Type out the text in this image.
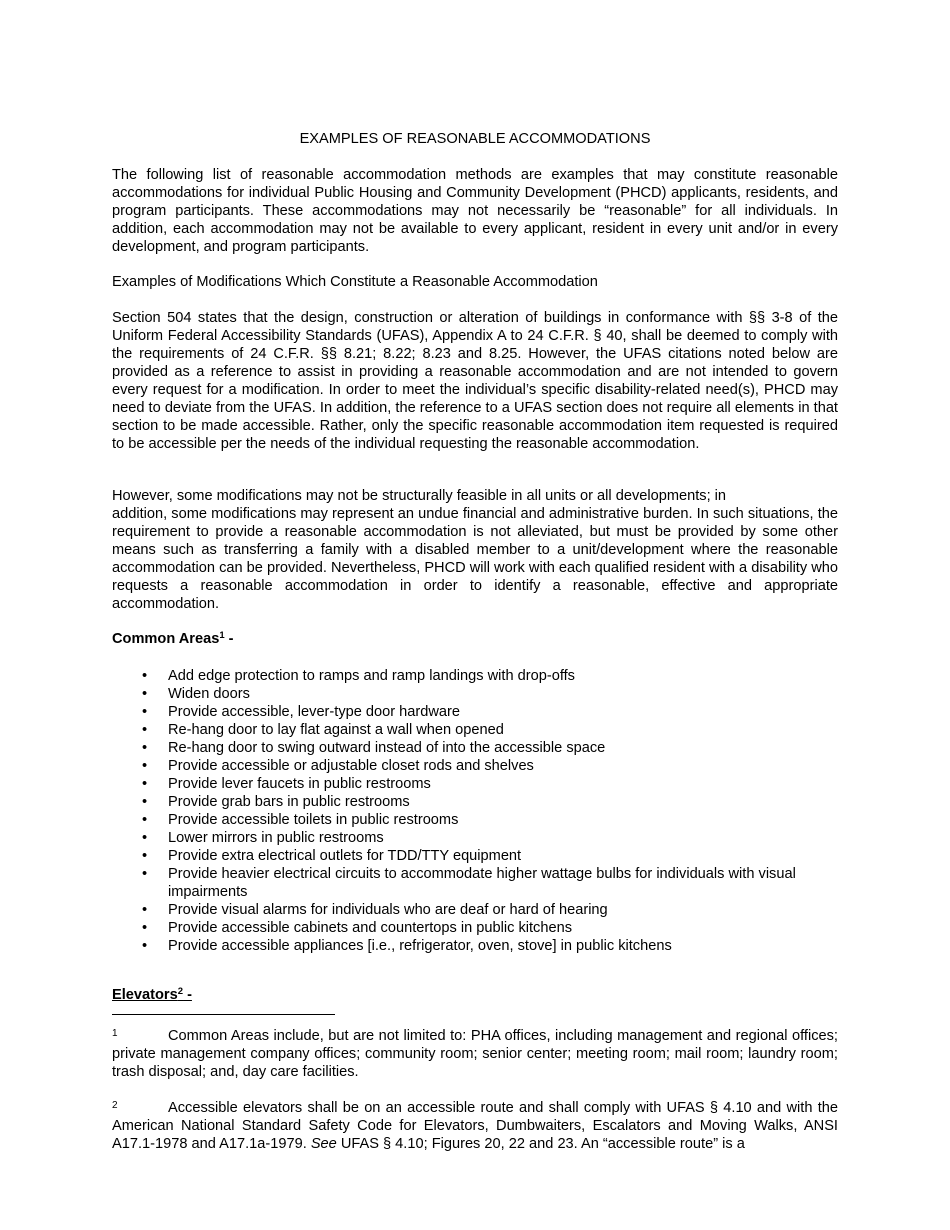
EXAMPLES OF REASONABLE ACCOMMODATIONS

The following list of reasonable accommodation methods are examples that may constitute reasonable accommodations for individual Public Housing and Community Development (PHCD) applicants, residents, and program participants. These accommodations may not necessarily be “reasonable” for all individuals. In addition, each accommodation may not be available to every applicant, resident in every unit and/or in every development, and program participants.

Examples of Modifications Which Constitute a Reasonable Accommodation

Section 504 states that the design, construction or alteration of buildings in conformance with §§ 3-8 of the Uniform Federal Accessibility Standards (UFAS), Appendix A to 24 C.F.R. § 40, shall be deemed to comply with the requirements of 24 C.F.R. §§ 8.21; 8.22; 8.23 and 8.25. However, the UFAS citations noted below are provided as a reference to assist in providing a reasonable accommodation and are not intended to govern every request for a modification. In order to meet the individual’s specific disability-related need(s), PHCD may need to deviate from the UFAS. In addition, the reference to a UFAS section does not require all elements in that section to be made accessible. Rather, only the specific reasonable accommodation item requested is required to be accessible per the needs of the individual requesting the reasonable accommodation.

However, some modifications may not be structurally feasible in all units or all developments; in

addition, some modifications may represent an undue financial and administrative burden. In such situations, the requirement to provide a reasonable accommodation is not alleviated, but must be provided by some other means such as transferring a family with a disabled member to a unit/development where the reasonable accommodation can be provided. Nevertheless, PHCD will work with each qualified resident with a disability who requests a reasonable accommodation in order to identify a reasonable, effective and appropriate accommodation.

Common Areas$^1$ -

• Add edge protection to ramps and ramp landings with drop-offs
• Widen doors
• Provide accessible, lever-type door hardware
• Re-hang door to lay flat against a wall when opened
• Re-hang door to swing outward instead of into the accessible space
• Provide accessible or adjustable closet rods and shelves
• Provide lever faucets in public restrooms
• Provide grab bars in public restrooms
• Provide accessible toilets in public restrooms
• Lower mirrors in public restrooms
• Provide extra electrical outlets for TDD/TTY equipment
• Provide heavier electrical circuits to accommodate higher wattage bulbs for individuals with visual impairments
• Provide visual alarms for individuals who are deaf or hard of hearing
• Provide accessible cabinets and countertops in public kitchens
• Provide accessible appliances [i.e., refrigerator, oven, stove] in public kitchens

Elevators$^2$ -

1	Common Areas include, but are not limited to: PHA offices, including management and regional offices; private management company offices; community room; senior center; meeting room; mail room; laundry room; trash disposal; and, day care facilities.
2	Accessible elevators shall be on an accessible route and shall comply with UFAS § 4.10 and with the American National Standard Safety Code for Elevators, Dumbwaiters, Escalators and Moving Walks, ANSI A17.1-1978 and A17.1a-1979. See UFAS § 4.10; Figures 20, 22 and 23. An “accessible route” is a
